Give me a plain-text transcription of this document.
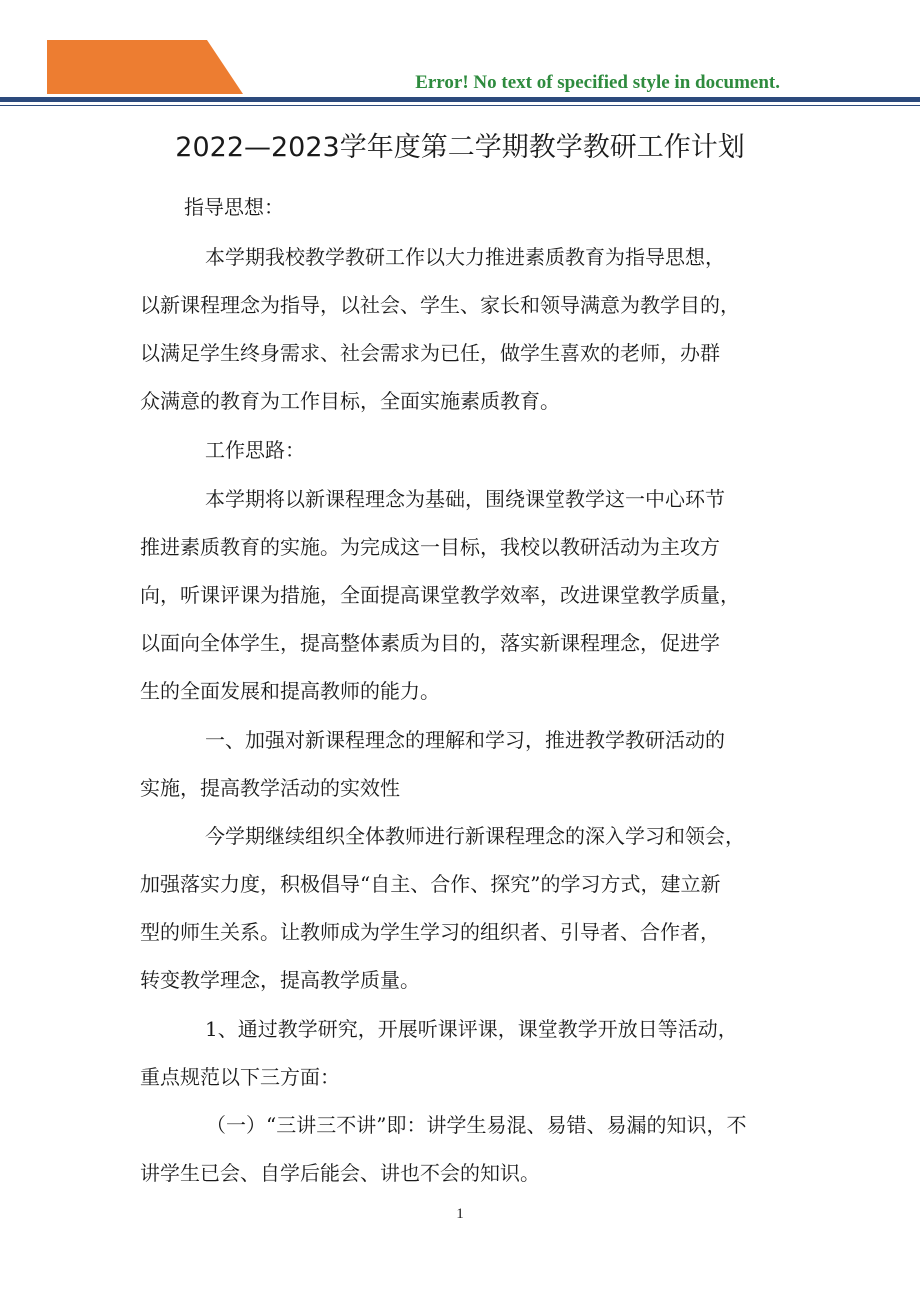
Error! No text of specified style in document.
2022—2023学年度第二学期教学教研工作计划
指导思想：
本学期我校教学教研工作以大力推进素质教育为指导思想，
以新课程理念为指导，以社会、学生、家长和领导满意为教学目的，
以满足学生终身需求、社会需求为已任，做学生喜欢的老师，办群
众满意的教育为工作目标，全面实施素质教育。
工作思路：
本学期将以新课程理念为基础，围绕课堂教学这一中心环节
推进素质教育的实施。为完成这一目标，我校以教研活动为主攻方
向，听课评课为措施，全面提高课堂教学效率，改进课堂教学质量，
以面向全体学生，提高整体素质为目的，落实新课程理念，促进学
生的全面发展和提高教师的能力。
一、加强对新课程理念的理解和学习，推进教学教研活动的
实施，提高教学活动的实效性
今学期继续组织全体教师进行新课程理念的深入学习和领会，
加强落实力度，积极倡导“自主、合作、探究”的学习方式，建立新
型的师生关系。让教师成为学生学习的组织者、引导者、合作者，
转变教学理念，提高教学质量。
1、通过教学研究，开展听课评课，课堂教学开放日等活动，
重点规范以下三方面：
（一）“三讲三不讲”即：讲学生易混、易错、易漏的知识，不
讲学生已会、自学后能会、讲也不会的知识。
1
